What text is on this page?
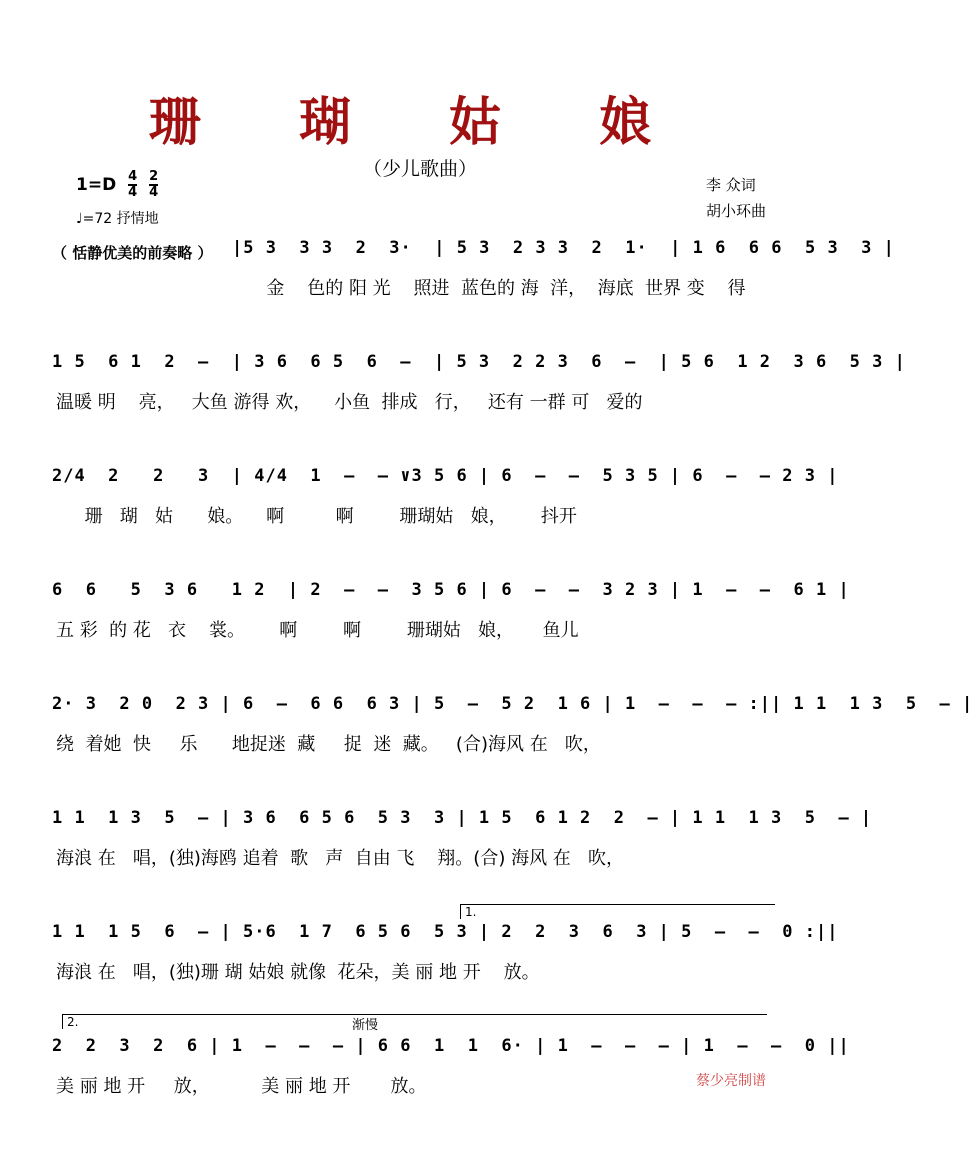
珊 瑚 姑 娘
（少儿歌曲）
$1=D \frac{4}{4}$
$\frac{2}{4}$
♩=72 抒情地
李 众词
胡小环曲
（ 恬静优美的前奏略 ） |5 3  3 3  2  3·  | 5 3  2 3 3  2  1·  | 1 6  6 6  5 3  3 |
金    色的 阳 光    照进  蓝色的 海  洋，  海底  世界 变    得
1 5  6 1  2  —  | 3 6  6 5  6  —  | 5 3  2 2 3  6  —  | 5 6  1 2  3 6  5 3 |
温暖 明    亮，   大鱼 游得 欢，    小鱼  排成   行，   还有 一群 可   爱的
2/4  2   2   3  | 4/4  1  —  — ∨3 5 6 | 6  —  —  5 3 5 | 6  —  — 2 3 |
珊   瑚   姑      娘。    啊         啊        珊瑚姑   娘，      抖开
6  6   5  3 6   1 2  | 2  —  —  3 5 6 | 6  —  —  3 2 3 | 1  —  —  6 1 |
五 彩  的 花   衣    裳。      啊        啊        珊瑚姑   娘，     鱼儿
2· 3  2 0  2 3 | 6  —  6 6  6 3 | 5  —  5 2  1 6 | 1  —  —  — :|| 1 1  1 3  5  — |
绕  着她  快     乐      地捉迷  藏     捉  迷  藏。   (合)海风 在   吹，
1 1  1 3  5  — | 3 6  6 5 6  5 3  3 | 1 5  6 1 2  2  — | 1 1  1 3  5  — |
海浪 在   唱，(独)海鸥 追着  歌   声  自由 飞    翔。(合) 海风 在   吹，
1.
1 1  1 5  6  — | 5·6  1 7  6 5 6  5 3 | 2  2  3  6  3 | 5  —  —  0 :||
海浪 在   唱，(独)珊 瑚 姑娘 就像  花朵，美 丽 地 开    放。
2.	渐慢
2  2  3  2  6 | 1  —  —  — | 6 6  1  1  6· | 1  —  —  — | 1  —  —  0 ||
美 丽 地 开     放，         美 丽 地 开       放。	蔡少亮制谱
